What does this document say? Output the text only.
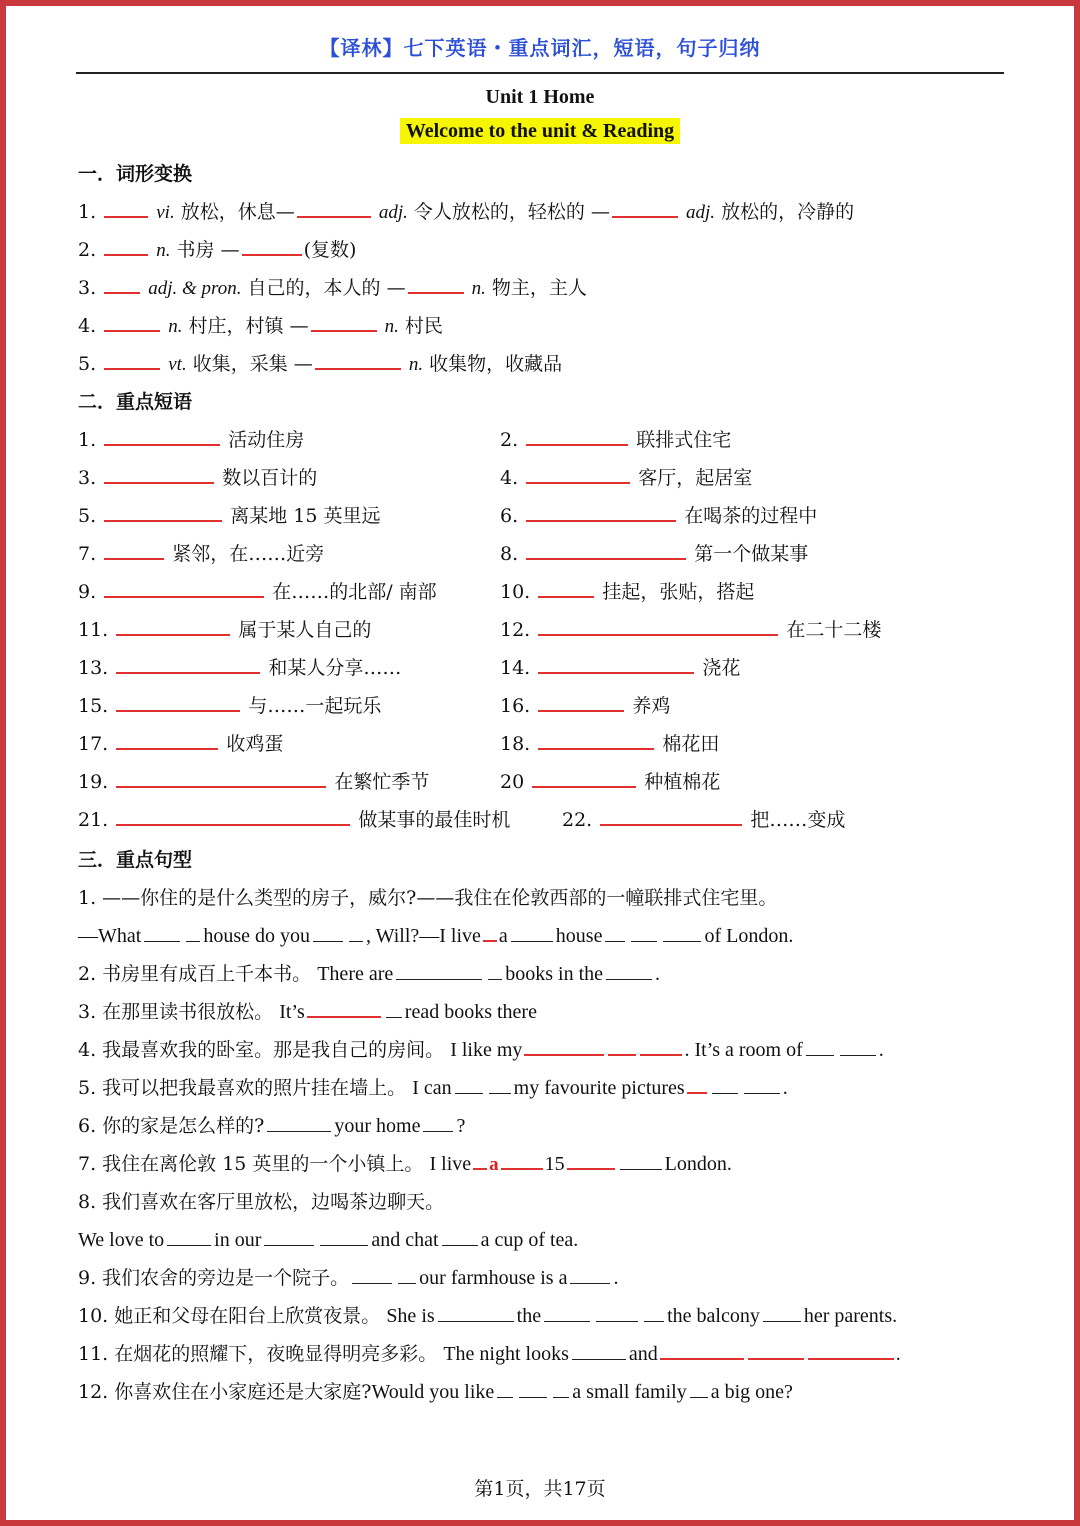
【译林】七下英语・重点词汇，短语，句子归纳
Unit 1 Home
Welcome to the unit & Reading
一．词形变换
1.	vi. 放松，休息—	adj. 令人放松的，轻松的 —	adj. 放松的，冷静的
2.	n. 书房 —	(复数)
3.	adj. & pron. 自己的，本人的 —	n. 物主，主人
4.	n. 村庄，村镇 —	n. 村民
5.	vt. 收集，采集 —	n. 收集物，收藏品
二．重点短语
1.	活动住房	2.	联排式住宅
3.	数以百计的	4.	客厅，起居室
5.	离某地 15 英里远	6.	在喝茶的过程中
7.	紧邻，在……近旁	8.	第一个做某事
9.	在……的北部/ 南部	10.	挂起，张贴，搭起
11.	属于某人自己的	12.	在二十二楼
13.	和某人分享……	14.	浇花
15.	与……一起玩乐	16.	养鸡
17.	收鸡蛋	18.	棉花田
19.	在繁忙季节	20	种植棉花
21.	做某事的最佳时机	22.	把……变成
三．重点句型
1. ——你住的是什么类型的房子，威尔?——我住在伦敦西部的一幢联排式住宅里。
—What	house do you	, Will?—I live a house	of London.
2. 书房里有成百上千本书。 There are	books in the	.
3. 在那里读书很放松。 It’s	read books there
4. 我最喜欢我的卧室。那是我自己的房间。 I like my	. It’s a room of	.
5. 我可以把我最喜欢的照片挂在墙上。 I can	my favourite pictures	.
6. 你的家是怎么样的?	your home ?
7. 我住在离伦敦 15 英里的一个小镇上。 I live a 15	London.
8. 我们喜欢在客厅里放松，边喝茶边聊天。
We love to	in our	and chat a cup of tea.
9. 我们农舍的旁边是一个院子。	our farmhouse is a .
10. 她正和父母在阳台上欣赏夜景。 She is	the	the balcony her parents.
11. 在烟花的照耀下，夜晚显得明亮多彩。 The night looks	and	.
12. 你喜欢住在小家庭还是大家庭?Would you like	a small family a big one?
第1页，共17页
